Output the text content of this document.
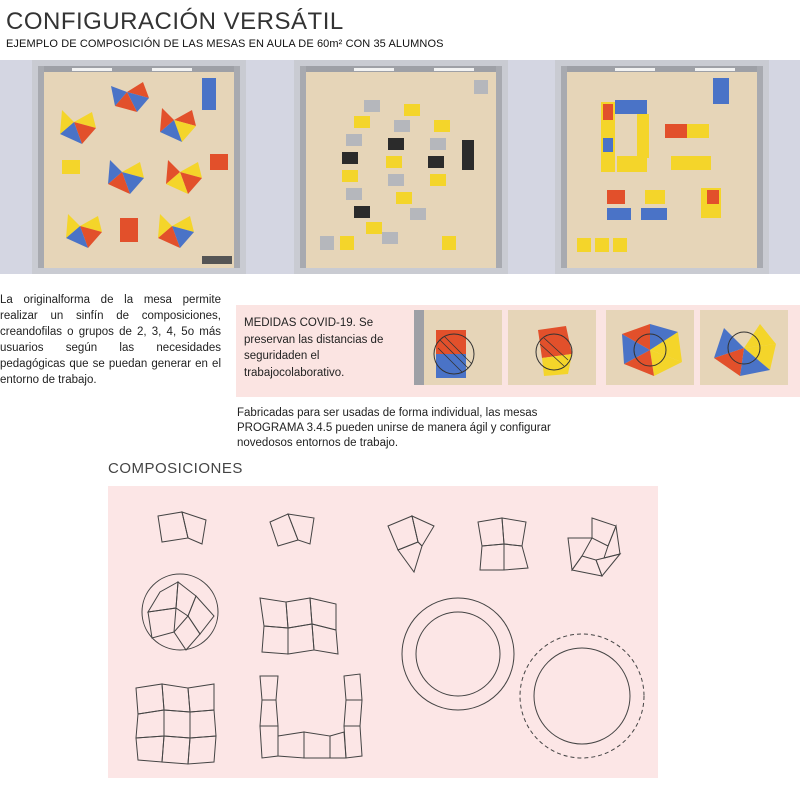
CONFIGURACIÓN VERSÁTIL
EJEMPLO DE COMPOSICIÓN DE LAS MESAS EN AULA DE 60m² CON 35 ALUMNOS
La originalforma de la mesa permite realizar un sinfín de composiciones, creandofilas o grupos de 2, 3, 4, 5o más usuarios según las necesidades pedagógicas que se puedan generar en el entorno de trabajo.
MEDIDAS COVID-19. Se preservan las distancias de seguridaden el trabajocolaborativo.
Fabricadas para ser usadas de forma individual, las mesas PROGRAMA 3.4.5 pueden unirse de manera ágil y configurar novedosos entornos de trabajo.
COMPOSICIONES
